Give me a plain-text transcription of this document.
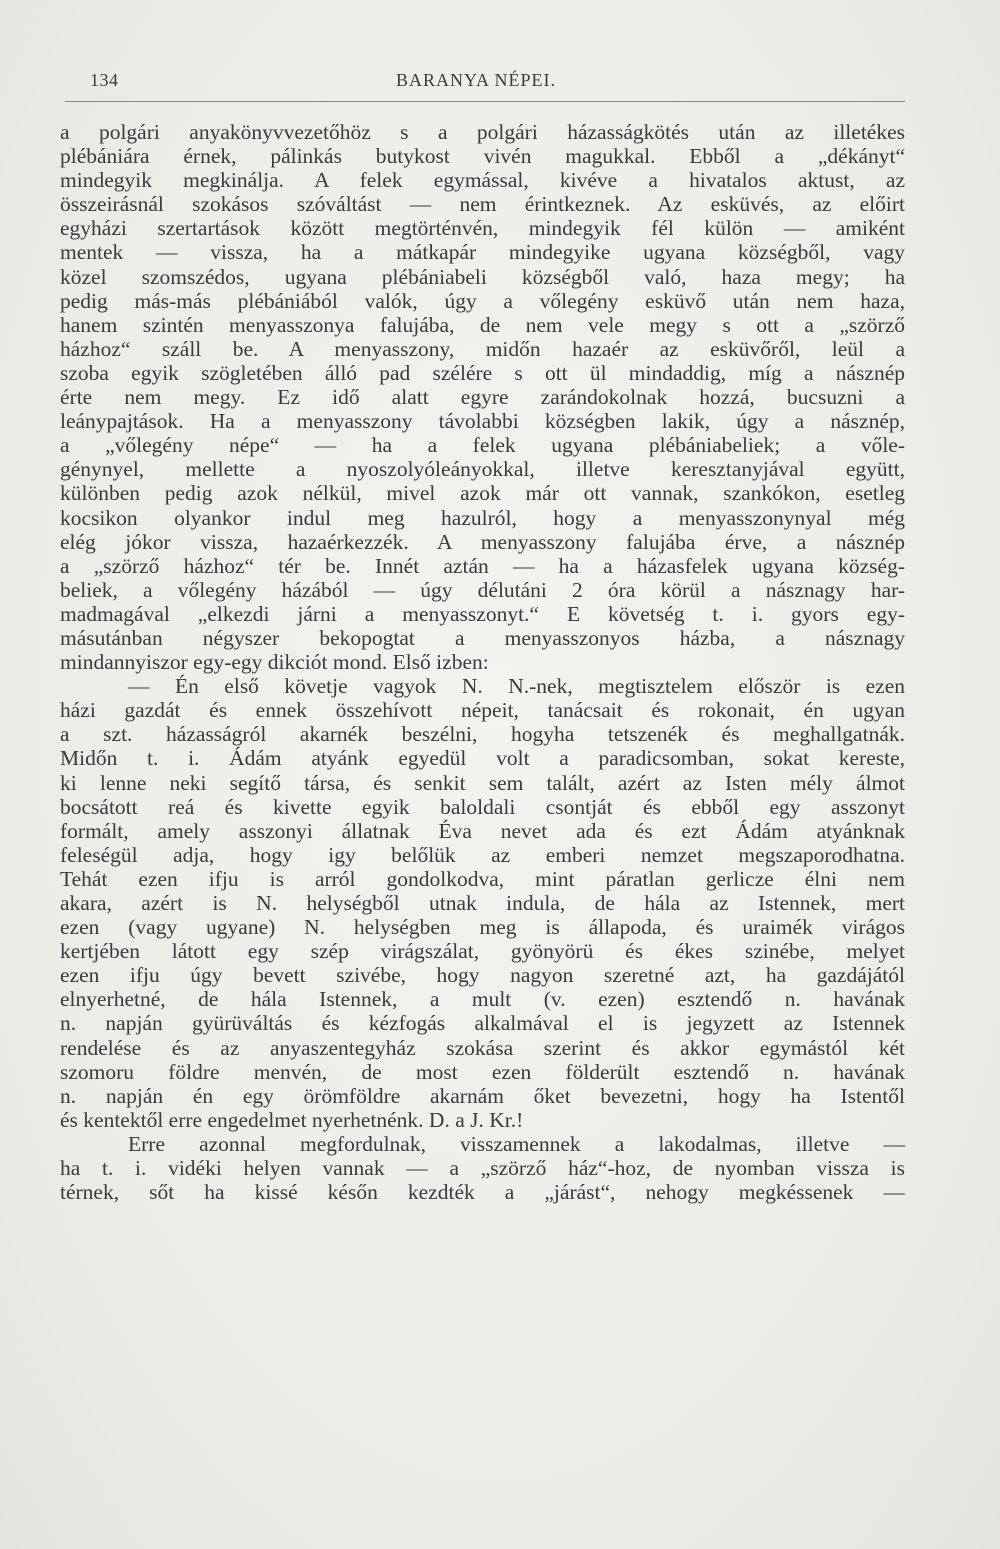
134	BARANYA NÉPEI.
a polgári anyakönyvvezetőhöz s a polgári házasságkötés után az illetékes
plébániára érnek, pálinkás butykost vivén magukkal. Ebből a „dékányt“
mindegyik megkinálja. A felek egymással, kivéve a hivatalos aktust, az
összeirásnál szokásos szóváltást — nem érintkeznek. Az esküvés, az előirt
egyházi szertartások között megtörténvén, mindegyik fél külön — amiként
mentek — vissza, ha a mátkapár mindegyike ugyana községből, vagy
közel szomszédos, ugyana plébániabeli községből való, haza megy; ha
pedig más-más plébániából valók, úgy a vőlegény esküvő után nem haza,
hanem szintén menyasszonya falujába, de nem vele megy s ott a „szörző
házhoz“ száll be. A menyasszony, midőn hazaér az esküvőről, leül a
szoba egyik szögletében álló pad szélére s ott ül mindaddig, míg a násznép
érte nem megy. Ez idő alatt egyre zarándokolnak hozzá, bucsuzni a
leánypajtások. Ha a menyasszony távolabbi községben lakik, úgy a násznép,
a „vőlegény népe“ — ha a felek ugyana plébániabeliek; a vőle-
génynyel, mellette a nyoszolyóleányokkal, illetve keresztanyjával együtt,
különben pedig azok nélkül, mivel azok már ott vannak, szankókon, esetleg
kocsikon olyankor indul meg hazulról, hogy a menyasszonynyal még
elég jókor vissza, hazaérkezzék. A menyasszony falujába érve, a násznép
a „szörző házhoz“ tér be. Innét aztán — ha a házasfelek ugyana község-
beliek, a vőlegény házából — úgy délutáni 2 óra körül a násznagy har-
madmagával „elkezdi járni a menyasszonyt.“ E követség t. i. gyors egy-
másutánban négyszer bekopogtat a menyasszonyos házba, a násznagy
mindannyiszor egy-egy dikciót mond. Első izben:
— Én első követje vagyok N. N.-nek, megtisztelem először is ezen
házi gazdát és ennek összehívott népeit, tanácsait és rokonait, én ugyan
a szt. házasságról akarnék beszélni, hogyha tetszenék és meghallgatnák.
Midőn t. i. Ádám atyánk egyedül volt a paradicsomban, sokat kereste,
ki lenne neki segítő társa, és senkit sem talált, azért az Isten mély álmot
bocsátott reá és kivette egyik baloldali csontját és ebből egy asszonyt
formált, amely asszonyi állatnak Éva nevet ada és ezt Ádám atyánknak
feleségül adja, hogy igy belőlük az emberi nemzet megszaporodhatna.
Tehát ezen ifju is arról gondolkodva, mint páratlan gerlicze élni nem
akara, azért is N. helységből utnak indula, de hála az Istennek, mert
ezen (vagy ugyane) N. helységben meg is állapoda, és uraimék virágos
kertjében látott egy szép virágszálat, gyönyörü és ékes szinébe, melyet
ezen ifju úgy bevett szivébe, hogy nagyon szeretné azt, ha gazdájától
elnyerhetné, de hála Istennek, a mult (v. ezen) esztendő n. havának
n. napján gyürüváltás és kézfogás alkalmával el is jegyzett az Istennek
rendelése és az anyaszentegyház szokása szerint és akkor egymástól két
szomoru földre menvén, de most ezen földerült esztendő n. havának
n. napján én egy örömföldre akarnám őket bevezetni, hogy ha Istentől
és kentektől erre engedelmet nyerhetnénk. D. a J. Kr.!
Erre azonnal megfordulnak, visszamennek a lakodalmas, illetve —
ha t. i. vidéki helyen vannak — a „szörző ház“-hoz, de nyomban vissza is
térnek, sőt ha kissé későn kezdték a „járást“, nehogy megkéssenek —
